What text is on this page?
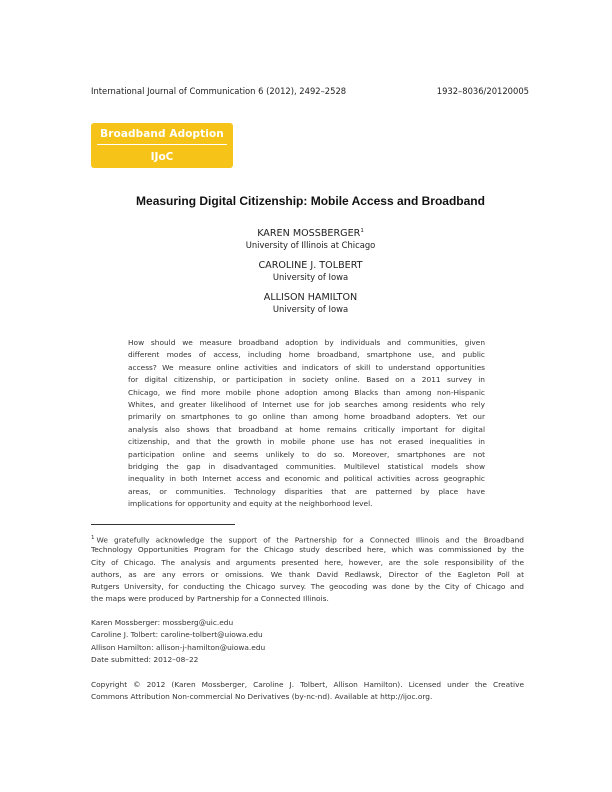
International Journal of Communication 6 (2012), 2492–2528	1932–8036/20120005
Broadband Adoption
IJoC
Measuring Digital Citizenship: Mobile Access and Broadband
KAREN MOSSBERGER$^1$
University of Illinois at Chicago
CAROLINE J. TOLBERT
University of Iowa
ALLISON HAMILTON
University of Iowa
How should we measure broadband adoption by individuals and communities, given
different modes of access, including home broadband, smartphone use, and public
access? We measure online activities and indicators of skill to understand opportunities
for digital citizenship, or participation in society online. Based on a 2011 survey in
Chicago, we find more mobile phone adoption among Blacks than among non-Hispanic
Whites, and greater likelihood of Internet use for job searches among residents who rely
primarily on smartphones to go online than among home broadband adopters. Yet our
analysis also shows that broadband at home remains critically important for digital
citizenship, and that the growth in mobile phone use has not erased inequalities in
participation online and seems unlikely to do so. Moreover, smartphones are not
bridging the gap in disadvantaged communities. Multilevel statistical models show
inequality in both Internet access and economic and political activities across geographic
areas, or communities. Technology disparities that are patterned by place have
implications for opportunity and equity at the neighborhood level.
$^1$ We gratefully acknowledge the support of the Partnership for a Connected Illinois and the Broadband
Technology Opportunities Program for the Chicago study described here, which was commissioned by the
City of Chicago. The analysis and arguments presented here, however, are the sole responsibility of the
authors, as are any errors or omissions. We thank David Redlawsk, Director of the Eagleton Poll at
Rutgers University, for conducting the Chicago survey. The geocoding was done by the City of Chicago and
the maps were produced by Partnership for a Connected Illinois.
Karen Mossberger: mossberg@uic.edu
Caroline J. Tolbert: caroline-tolbert@uiowa.edu
Allison Hamilton: allison-j-hamilton@uiowa.edu
Date submitted: 2012–08–22
Copyright © 2012 (Karen Mossberger, Caroline J. Tolbert, Allison Hamilton). Licensed under the Creative
Commons Attribution Non-commercial No Derivatives (by-nc-nd). Available at http://ijoc.org.
